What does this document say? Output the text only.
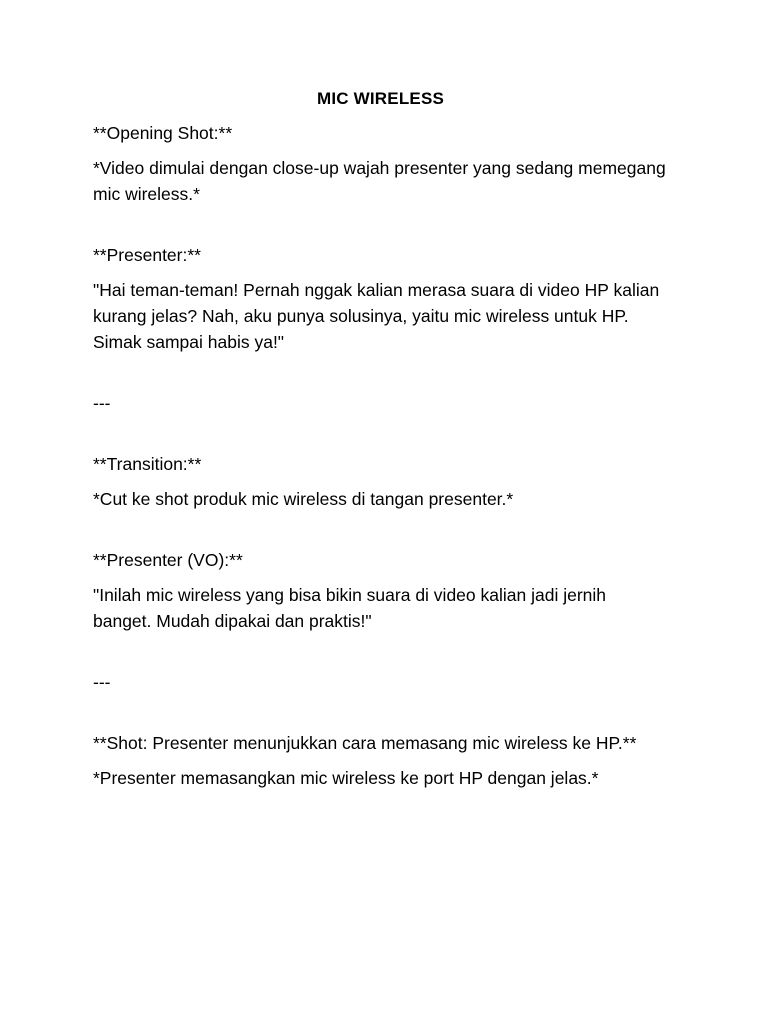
MIC WIRELESS
**Opening Shot:**
*Video dimulai dengan close-up wajah presenter yang sedang memegang mic wireless.*
**Presenter:**
"Hai teman-teman! Pernah nggak kalian merasa suara di video HP kalian kurang jelas? Nah, aku punya solusinya, yaitu mic wireless untuk HP. Simak sampai habis ya!"
---
**Transition:**
*Cut ke shot produk mic wireless di tangan presenter.*
**Presenter (VO):**
"Inilah mic wireless yang bisa bikin suara di video kalian jadi jernih banget. Mudah dipakai dan praktis!"
---
**Shot: Presenter menunjukkan cara memasang mic wireless ke HP.**
*Presenter memasangkan mic wireless ke port HP dengan jelas.*
